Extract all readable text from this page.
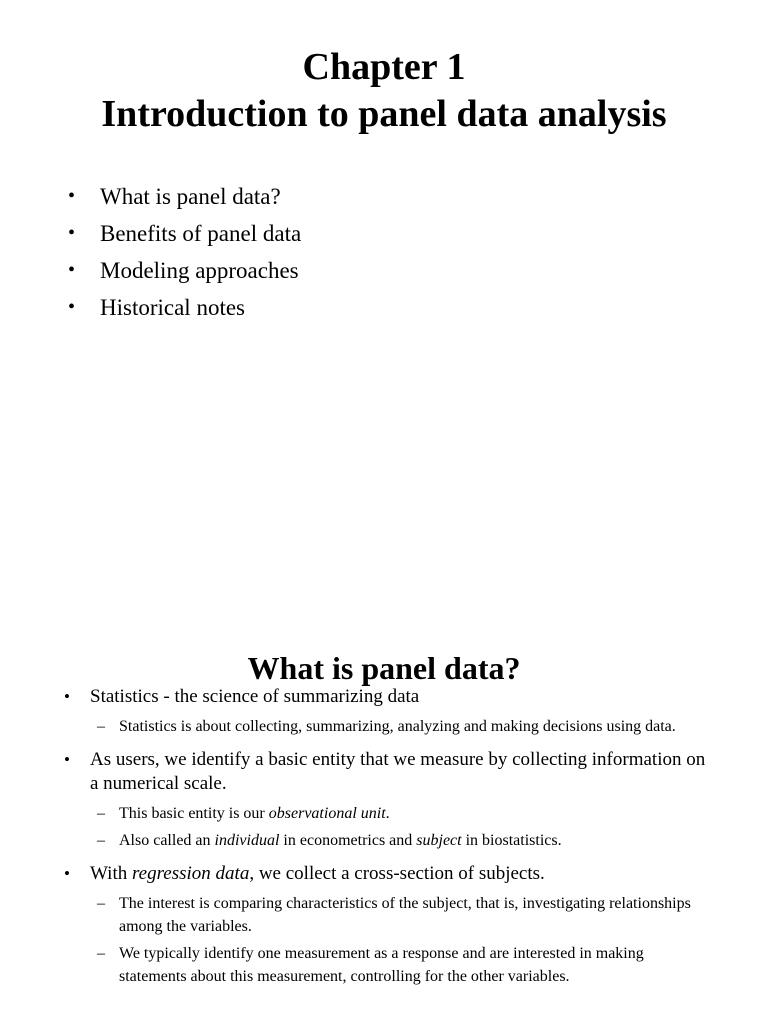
Chapter 1
Introduction to panel data analysis
• What is panel data?
• Benefits of panel data
• Modeling approaches
• Historical notes
What is panel data?
• Statistics - the science of summarizing data
– Statistics is about collecting, summarizing, analyzing and making decisions using data.
• As users, we identify a basic entity that we measure by collecting information on a numerical scale.
– This basic entity is our observational unit.
– Also called an individual in econometrics and subject in biostatistics.
• With regression data, we collect a cross-section of subjects.
– The interest is comparing characteristics of the subject, that is, investigating relationships among the variables.
– We typically identify one measurement as a response and are interested in making statements about this measurement, controlling for the other variables.
